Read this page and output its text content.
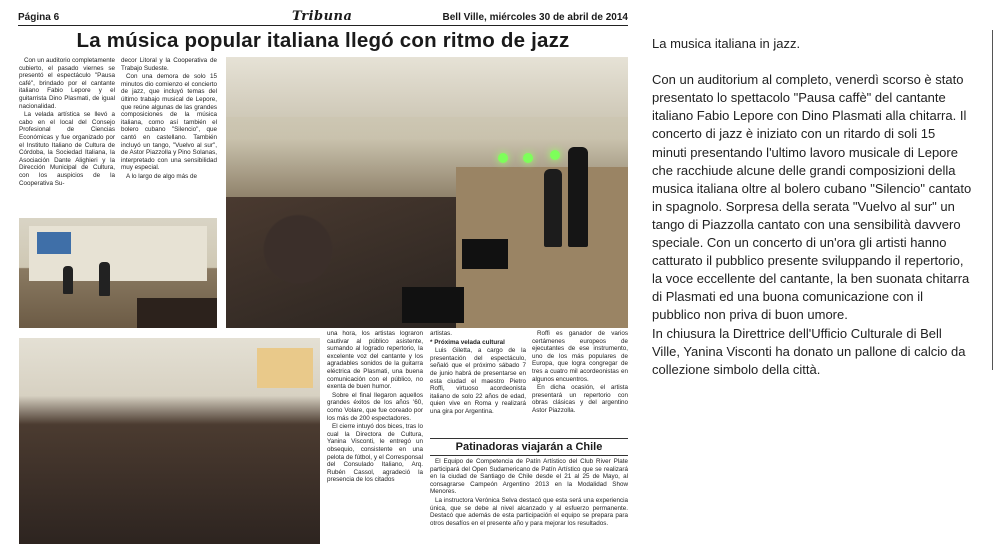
Página 6	Tribuna	Bell Ville, miércoles 30 de abril de 2014
La música popular italiana llegó con ritmo de jazz

Con un auditorio completamente cubierto, el pasado viernes se presentó el espectáculo "Pausa café", brindado por el cantante italiano Fabio Lepore y el guitarrista Dino Plasmati, de igual nacionalidad.

La velada artística se llevó a cabo en el local del Consejo Profesional de Ciencias Económicas y fue organizado por el Instituto Italiano de Cultura de Córdoba, la Sociedad Italiana, la Asociación Dante Alighieri y la Dirección Municipal de Cultura, con los auspicios de la Cooperativa Su-

decor Litoral y la Cooperativa de Trabajo Sudeste.

Con una demora de solo 15 minutos dio comienzo el concierto de jazz, que incluyó temas del último trabajo musical de Lepore, que reúne algunas de las grandes composiciones de la música italiana, como así también el bolero cubano "Silencio", que cantó en castellano. También incluyó un tango, "Vuelvo al sur", de Astor Piazzolla y Pino Solanas, interpretado con una sensibilidad muy especial.

A lo largo de algo más de

una hora, los artistas lograron cautivar al público asistente, sumando al logrado repertorio, la excelente voz del cantante y los agradables sonidos de la guitarra eléctrica de Plasmati, una buena comunicación con el público, no exenta de buen humor.

Sobre el final llegaron aquellos grandes éxitos de los años '60, como Volare, que fue coreado por los más de 200 espectadores.

El cierre intuyó dos bices, tras lo cual la Directora de Cultura, Yanina Visconti, le entregó un obsequio, consistente en una pelota de fútbol, y el Corresponsal del Consulado Italiano, Arq. Rubén Cassol, agradeció la presencia de los citados

artistas.

* Próxima velada cultural

Luis Giletta, a cargo de la presentación del espectáculo, señaló que el próximo sábado 7 de junio habrá de presentarse en esta ciudad el maestro Pietro Roffi, virtuoso acordeonista italiano de solo 22 años de edad, quien vive en Roma y realizará una gira por Argentina.

Roffi es ganador de varios certámenes europeos de ejecutantes de ese instrumento, uno de los más populares de Europa, que logra congregar de tres a cuatro mil acordeonistas en algunos encuentros.

En dicha ocasión, el artista presentará un repertorio con obras clásicas y del argentino Astor Piazzolla.

Patinadoras viajarán a Chile

El Equipo de Competencia de Patín Artístico del Club River Plate participará del Open Sudamericano de Patín Artístico que se realizará en la ciudad de Santiago de Chile desde el 21 al 25 de Mayo, al consagrarse Campeón Argentino 2013 en la Modalidad Show Menores.

La instructora Verónica Selva destacó que esta será una experiencia única, que se debe al nivel alcanzado y al esfuerzo permanente. Destacó que además de esta participación el equipo se prepara para otros desafíos en el presente año y para mejorar los resultados.

La musica italiana in jazz.

Con un auditorium al completo, venerdì scorso è stato

presentato lo spettacolo "Pausa caffè" del cantante

italiano Fabio Lepore con Dino Plasmati alla chitarra. Il

concerto di jazz è iniziato con un ritardo di soli 15

minuti presentando l'ultimo lavoro musicale di Lepore

che racchiude alcune delle grandi composizioni della

musica italiana oltre al bolero cubano "Silencio" cantato

in spagnolo. Sorpresa della serata "Vuelvo al sur" un

tango di Piazzolla cantato con una sensibilità davvero

speciale. Con un concerto di un'ora gli artisti hanno

catturato il pubblico presente sviluppando il repertorio,

la voce eccellente del cantante, la ben suonata chitarra

di Plasmati ed una buona comunicazione con il

pubblico non priva di buon umore.

In chiusura la Direttrice dell'Ufficio Culturale di Bell

Ville, Yanina Visconti ha donato un pallone di calcio da

collezione simbolo della città.
